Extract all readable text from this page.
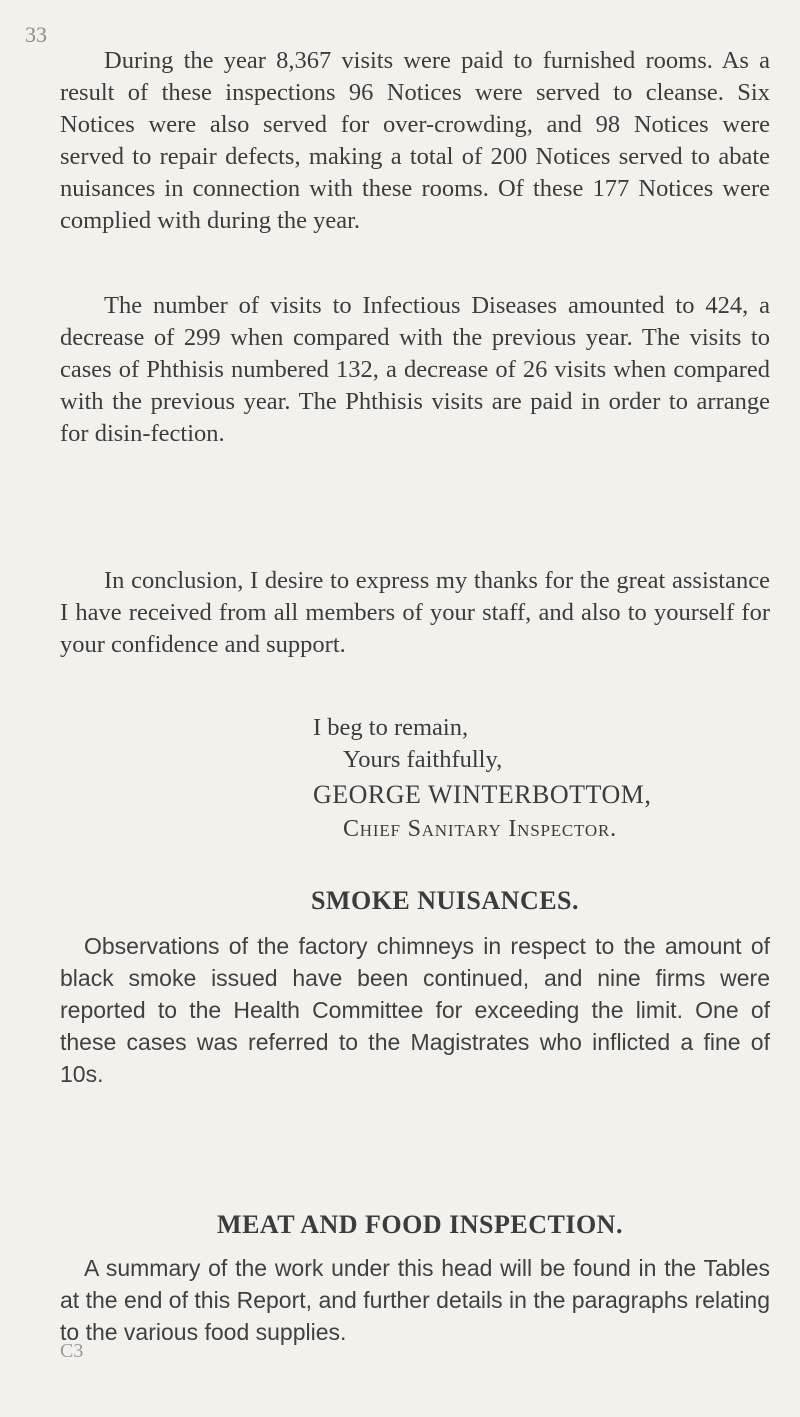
33

During the year 8,367 visits were paid to furnished rooms. As a result of these inspections 96 Notices were served to cleanse. Six Notices were also served for over-crowding, and 98 Notices were served to repair defects, making a total of 200 Notices served to abate nuisances in connection with these rooms. Of these 177 Notices were complied with during the year.

The number of visits to Infectious Diseases amounted to 424, a decrease of 299 when compared with the previous year. The visits to cases of Phthisis numbered 132, a decrease of 26 visits when compared with the previous year. The Phthisis visits are paid in order to arrange for disin-fection.

In conclusion, I desire to express my thanks for the great assistance I have received from all members of your staff, and also to yourself for your confidence and support.

I beg to remain,

Yours faithfully,

GEORGE WINTERBOTTOM,
Chief Sanitary Inspector.
SMOKE NUISANCES.

Observations of the factory chimneys in respect to the amount of black smoke issued have been continued, and nine firms were reported to the Health Committee for exceeding the limit. One of these cases was referred to the Magistrates who inflicted a fine of 10s.

MEAT AND FOOD INSPECTION.

A summary of the work under this head will be found in the Tables at the end of this Report, and further details in the paragraphs relating to the various food supplies.

C3
